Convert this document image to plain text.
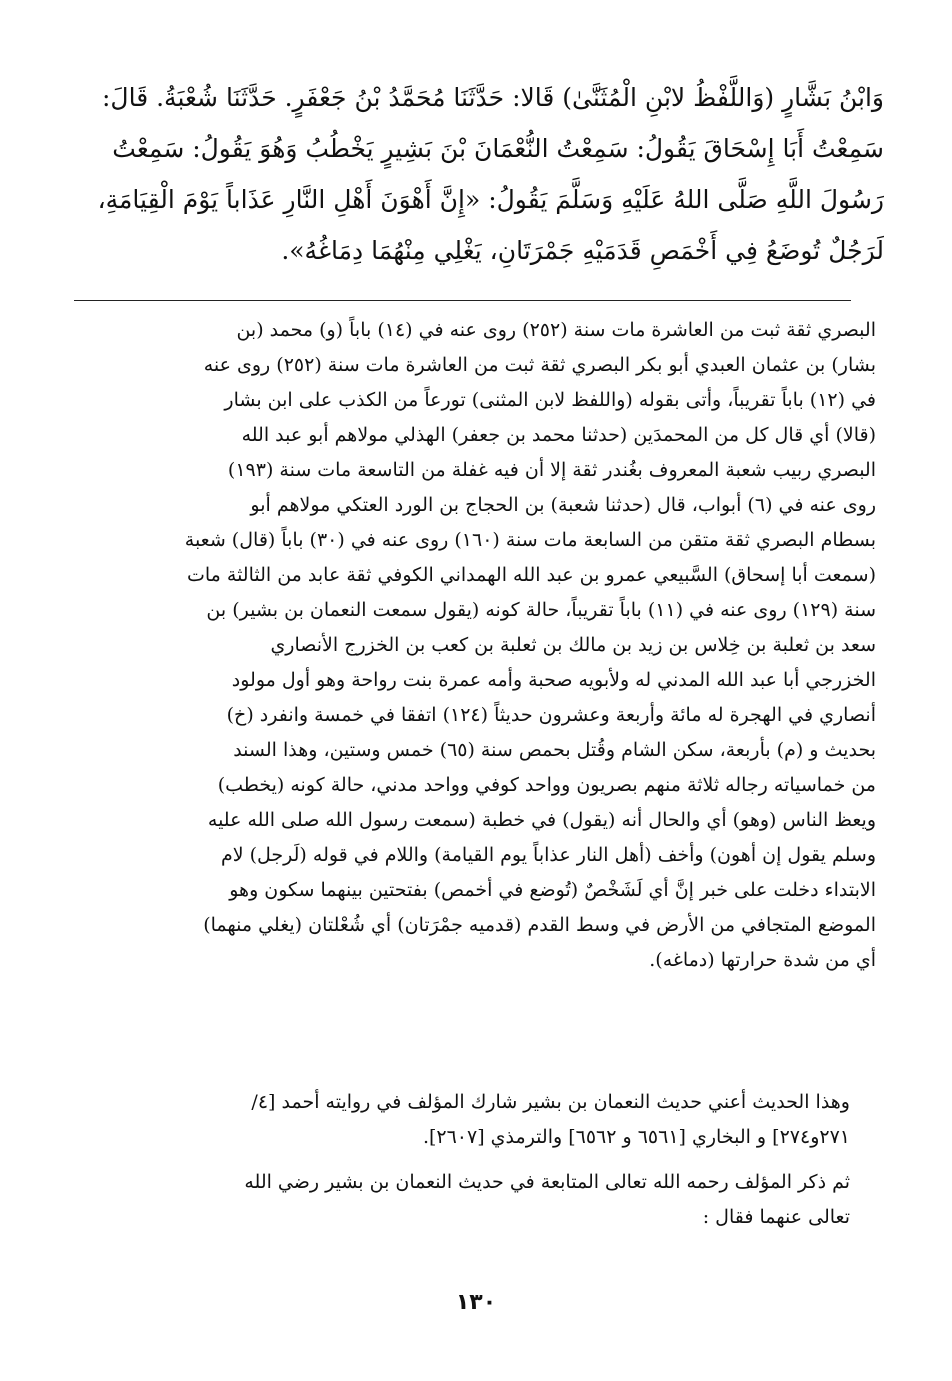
وَابْنُ بَشَّارٍ (وَاللَّفْظُ لابْنِ الْمُثَنَّىٰ) قَالا: حَدَّثَنَا مُحَمَّدُ بْنُ جَعْفَرٍ. حَدَّثَنَا شُعْبَةُ. قَالَ:
سَمِعْتُ أَبَا إِسْحَاقَ يَقُولُ: سَمِعْتُ النُّعْمَانَ بْنَ بَشِيرٍ يَخْطُبُ وَهُوَ يَقُولُ: سَمِعْتُ
رَسُولَ اللَّهِ صَلَّى اللهُ عَلَيْهِ وَسَلَّمَ يَقُولُ: «إِنَّ أَهْوَنَ أَهْلِ النَّارِ عَذَاباً يَوْمَ الْقِيَامَةِ،
لَرَجُلٌ تُوضَعُ فِي أَخْمَصِ قَدَمَيْهِ جَمْرَتَانِ، يَغْلِي مِنْهُمَا دِمَاغُهُ».
البصري ثقة ثبت من العاشرة مات سنة (٢٥٢) روى عنه في (١٤) باباً (و) محمد (بن
بشار) بن عثمان العبدي أبو بكر البصري ثقة ثبت من العاشرة مات سنة (٢٥٢) روى عنه
في (١٢) باباً تقريباً، وأتى بقوله (واللفظ لابن المثنى) تورعاً من الكذب على ابن بشار
(قالا) أي قال كل من المحمدَين (حدثنا محمد بن جعفر) الهذلي مولاهم أبو عبد الله
البصري ربيب شعبة المعروف بغُندر ثقة إلا أن فيه غفلة من التاسعة مات سنة (١٩٣)
روى عنه في (٦) أبواب، قال (حدثنا شعبة) بن الحجاج بن الورد العتكي مولاهم أبو
بسطام البصري ثقة متقن من السابعة مات سنة (١٦٠) روى عنه في (٣٠) باباً (قال) شعبة
(سمعت أبا إسحاق) السَّبيعي عمرو بن عبد الله الهمداني الكوفي ثقة عابد من الثالثة مات
سنة (١٢٩) روى عنه في (١١) باباً تقريباً، حالة كونه (يقول سمعت النعمان بن بشير) بن
سعد بن ثعلبة بن خِلاس بن زيد بن مالك بن ثعلبة بن كعب بن الخزرج الأنصاري
الخزرجي أبا عبد الله المدني له ولأبويه صحبة وأمه عمرة بنت رواحة وهو أول مولود
أنصاري في الهجرة له مائة وأربعة وعشرون حديثاً (١٢٤) اتفقا في خمسة وانفرد (خ)
بحديث و (م) بأربعة، سكن الشام وقُتل بحمص سنة (٦٥) خمس وستين، وهذا السند
من خماسياته رجاله ثلاثة منهم بصريون وواحد كوفي وواحد مدني، حالة كونه (يخطب)
ويعظ الناس (وهو) أي والحال أنه (يقول) في خطبة (سمعت رسول الله صلى الله عليه
وسلم يقول إن أهون) وأخف (أهل النار عذاباً يوم القيامة) واللام في قوله (لَرجل) لام
الابتداء دخلت على خبر إنَّ أي لَشَخْصٌ (تُوضع في أخمص) بفتحتين بينهما سكون وهو
الموضع المتجافي من الأرض في وسط القدم (قدميه جمْرَتان) أي شُعْلتان (يغلي منهما)
أي من شدة حرارتها (دماغه).
وهذا الحديث أعني حديث النعمان بن بشير شارك المؤلف في روايته أحمد [٤/
٢٧١و٢٧٤] و البخاري [٦٥٦١ و ٦٥٦٢] والترمذي [٢٦٠٧].
ثم ذكر المؤلف رحمه الله تعالى المتابعة في حديث النعمان بن بشير رضي الله
تعالى عنهما فقال :
١٣٠
